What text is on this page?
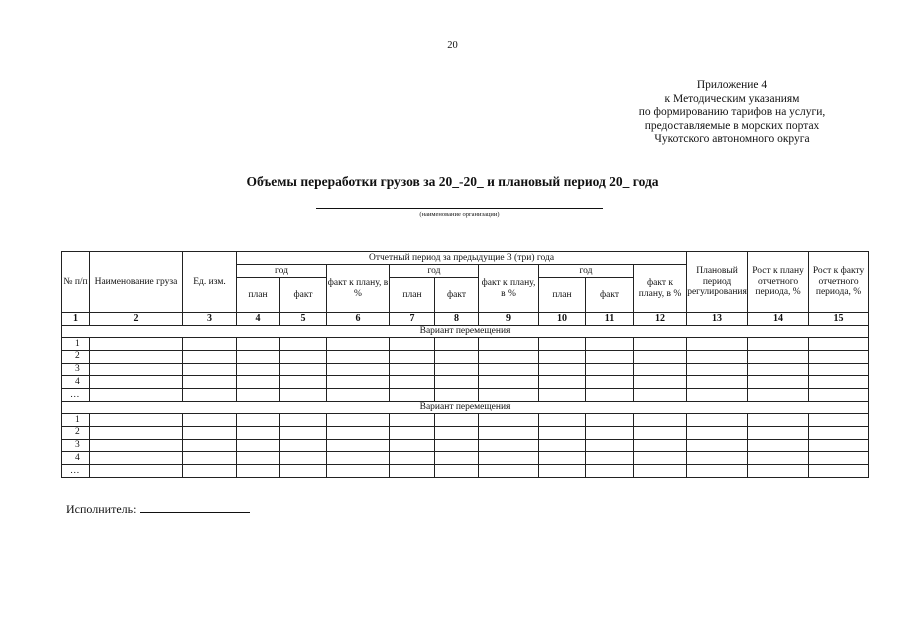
20
Приложение 4
к Методическим указаниям
по формированию тарифов на услуги,
предоставляемые в морских портах
Чукотского автономного округа
Объемы переработки грузов за 20_-20_ и плановый период 20_ года
(наименование организации)
№ п/п	Наименование груза	Ед. изм.	Отчетный период за предыдущие 3 (три) года									Плановый период регулирования	Рост к плану отчетного периода, %	Рост к факту отчетного периода, %
			год		факт к плану, в %	год		факт к плану, в %	год		факт к плану, в %			
			план	факт		план	факт		план	факт				
1	2	3	4	5	6	7	8	9	10	11	12	13	14	15
Вариант перемещения														
1														
2														
3														
4														
…														
Вариант перемещения														
1														
2														
3														
4														
…														
Исполнитель:
